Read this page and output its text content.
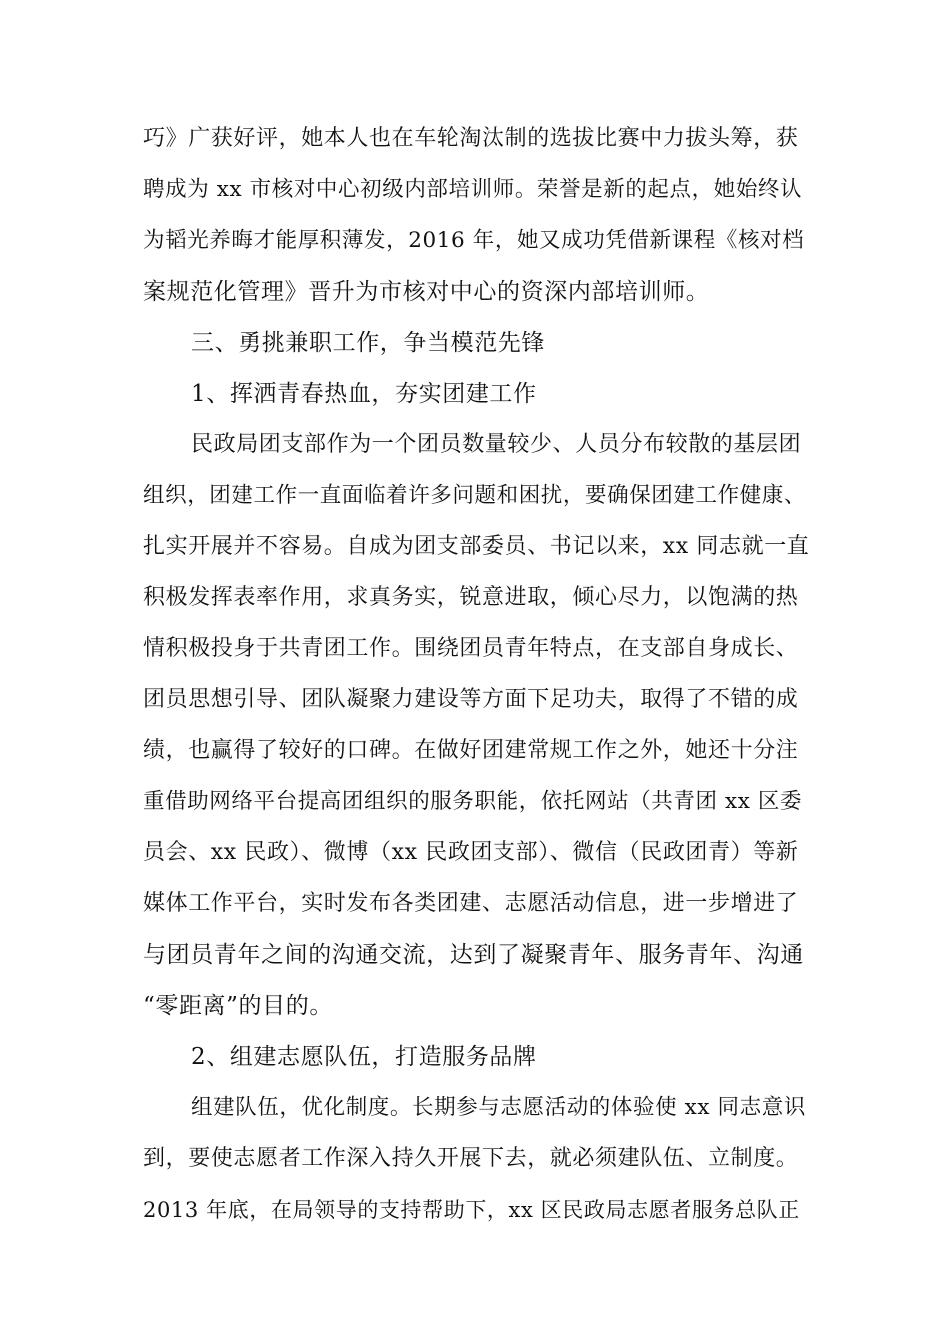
巧》广获好评，她本人也在车轮淘汰制的选拔比赛中力拔头筹，获
聘成为 xx 市核对中心初级内部培训师。荣誉是新的起点，她始终认
为韬光养晦才能厚积薄发，2016 年，她又成功凭借新课程《核对档
案规范化管理》晋升为市核对中心的资深内部培训师。
三、勇挑兼职工作，争当模范先锋
1、挥洒青春热血，夯实团建工作
民政局团支部作为一个团员数量较少、人员分布较散的基层团
组织，团建工作一直面临着许多问题和困扰，要确保团建工作健康、
扎实开展并不容易。自成为团支部委员、书记以来，xx 同志就一直
积极发挥表率作用，求真务实，锐意进取，倾心尽力，以饱满的热
情积极投身于共青团工作。围绕团员青年特点，在支部自身成长、
团员思想引导、团队凝聚力建设等方面下足功夫，取得了不错的成
绩，也赢得了较好的口碑。在做好团建常规工作之外，她还十分注
重借助网络平台提高团组织的服务职能，依托网站（共青团 xx 区委
员会、xx 民政）、微博（xx 民政团支部）、微信（民政团青）等新
媒体工作平台，实时发布各类团建、志愿活动信息，进一步增进了
与团员青年之间的沟通交流，达到了凝聚青年、服务青年、沟通
“零距离”的目的。
2、组建志愿队伍，打造服务品牌
组建队伍，优化制度。长期参与志愿活动的体验使 xx 同志意识
到，要使志愿者工作深入持久开展下去，就必须建队伍、立制度。
2013 年底，在局领导的支持帮助下，xx 区民政局志愿者服务总队正
